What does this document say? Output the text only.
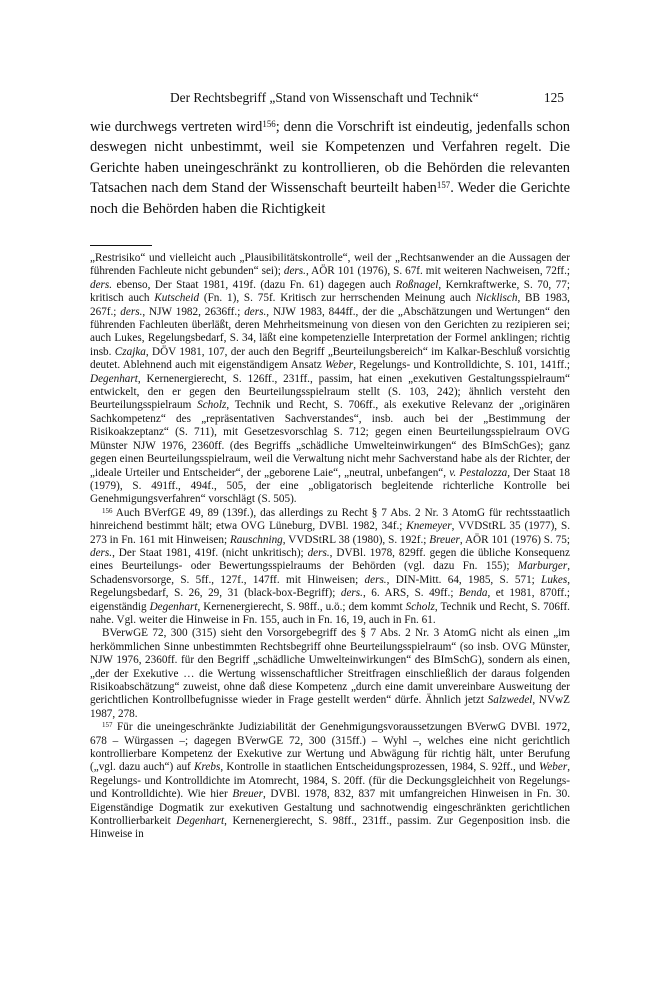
Der Rechtsbegriff „Stand von Wissenschaft und Technik“	125

wie durchwegs vertreten wird$^{156}$; denn die Vorschrift ist eindeutig, jedenfalls schon deswegen nicht unbestimmt, weil sie Kompetenzen und Verfahren regelt. Die Gerichte haben uneingeschränkt zu kontrollieren, ob die Behörden die relevanten Tatsachen nach dem Stand der Wissenschaft beurteilt haben$^{157}$. Weder die Gerichte noch die Behörden haben die Richtigkeit

„Restrisiko“ und vielleicht auch „Plausibilitätskontrolle“, weil der „Rechtsanwender an die Aussagen der führenden Fachleute nicht gebunden“ sei); ders., AÖR 101 (1976), S. 67f. mit weiteren Nachweisen, 72ff.; ders. ebenso, Der Staat 1981, 419f. (dazu Fn. 61) dagegen auch Roßnagel, Kernkraftwerke, S. 70, 77; kritisch auch Kutscheid (Fn. 1), S. 75f. Kritisch zur herrschenden Meinung auch Nicklisch, BB 1983, 267f.; ders., NJW 1982, 2636ff.; ders., NJW 1983, 844ff., der die „Abschätzungen und Wertungen“ den führenden Fachleuten überläßt, deren Mehrheitsmeinung von diesen von den Gerichten zu rezipieren sei; auch Lukes, Regelungsbedarf, S. 34, läßt eine kompetenzielle Interpretation der Formel anklingen; richtig insb. Czajka, DÖV 1981, 107, der auch den Begriff „Beurteilungsbereich“ im Kalkar-Beschluß vorsichtig deutet. Ablehnend auch mit eigenständigem Ansatz Weber, Regelungs- und Kontrolldichte, S. 101, 141ff.; Degenhart, Kernenergierecht, S. 126ff., 231ff., passim, hat einen „exekutiven Gestaltungsspielraum“ entwickelt, den er gegen den Beurteilungsspielraum stellt (S. 103, 242); ähnlich versteht den Beurteilungsspielraum Scholz, Technik und Recht, S. 706ff., als exekutive Relevanz der „originären Sachkompetenz“ des „repräsentativen Sachverstandes“, insb. auch bei der „Bestimmung der Risikoakzeptanz“ (S. 711), mit Gesetzesvorschlag S. 712; gegen einen Beurteilungsspielraum OVG Münster NJW 1976, 2360ff. (des Begriffs „schädliche Umwelteinwirkungen“ des BImSchGes); ganz gegen einen Beurteilungsspielraum, weil die Verwaltung nicht mehr Sachverstand habe als der Richter, der „ideale Urteiler und Entscheider“, der „geborene Laie“, „neutral, unbefangen“, v. Pestalozza, Der Staat 18 (1979), S. 491ff., 494f., 505, der eine „obligatorisch begleitende richterliche Kontrolle bei Genehmigungsverfahren“ vorschlägt (S. 505).

$^{156}$ Auch BVerfGE 49, 89 (139f.), das allerdings zu Recht § 7 Abs. 2 Nr. 3 AtomG für rechtsstaatlich hinreichend bestimmt hält; etwa OVG Lüneburg, DVBl. 1982, 34f.; Knemeyer, VVDStRL 35 (1977), S. 273 in Fn. 161 mit Hinweisen; Rauschning, VVDStRL 38 (1980), S. 192f.; Breuer, AÖR 101 (1976) S. 75; ders., Der Staat 1981, 419f. (nicht unkritisch); ders., DVBl. 1978, 829ff. gegen die übliche Konsequenz eines Beurteilungs- oder Bewertungsspielraums der Behörden (vgl. dazu Fn. 155); Marburger, Schadensvorsorge, S. 5ff., 127f., 147ff. mit Hinweisen; ders., DIN-Mitt. 64, 1985, S. 571; Lukes, Regelungsbedarf, S. 26, 29, 31 (black-box-Begriff); ders., 6. ARS, S. 49ff.; Benda, et 1981, 870ff.; eigenständig Degenhart, Kernenergierecht, S. 98ff., u.ö.; dem kommt Scholz, Technik und Recht, S. 706ff. nahe. Vgl. weiter die Hinweise in Fn. 155, auch in Fn. 16, 19, auch in Fn. 61.

BVerwGE 72, 300 (315) sieht den Vorsorgebegriff des § 7 Abs. 2 Nr. 3 AtomG nicht als einen „im herkömmlichen Sinne unbestimmten Rechtsbegriff ohne Beurteilungsspielraum“ (so insb. OVG Münster, NJW 1976, 2360ff. für den Begriff „schädliche Umwelteinwirkungen“ des BImSchG), sondern als einen, „der der Exekutive … die Wertung wissenschaftlicher Streitfragen einschließlich der daraus folgenden Risikoabschätzung“ zuweist, ohne daß diese Kompetenz „durch eine damit unvereinbare Ausweitung der gerichtlichen Kontrollbefugnisse wieder in Frage gestellt werden“ dürfe. Ähnlich jetzt Salzwedel, NVwZ 1987, 278.

$^{157}$ Für die uneingeschränkte Judiziabilität der Genehmigungsvoraussetzungen BVerwG DVBl. 1972, 678 – Würgassen –; dagegen BVerwGE 72, 300 (315ff.) – Wyhl –, welches eine nicht gerichtlich kontrollierbare Kompetenz der Exekutive zur Wertung und Abwägung für richtig hält, unter Berufung („vgl. dazu auch“) auf Krebs, Kontrolle in staatlichen Entscheidungsprozessen, 1984, S. 92ff., und Weber, Regelungs- und Kontrolldichte im Atomrecht, 1984, S. 20ff. (für die Deckungsgleichheit von Regelungs- und Kontrolldichte). Wie hier Breuer, DVBl. 1978, 832, 837 mit umfangreichen Hinweisen in Fn. 30. Eigenständige Dogmatik zur exekutiven Gestaltung und sachnotwendig eingeschränkten gerichtlichen Kontrollierbarkeit Degenhart, Kernenergierecht, S. 98ff., 231ff., passim. Zur Gegenposition insb. die Hinweise in
